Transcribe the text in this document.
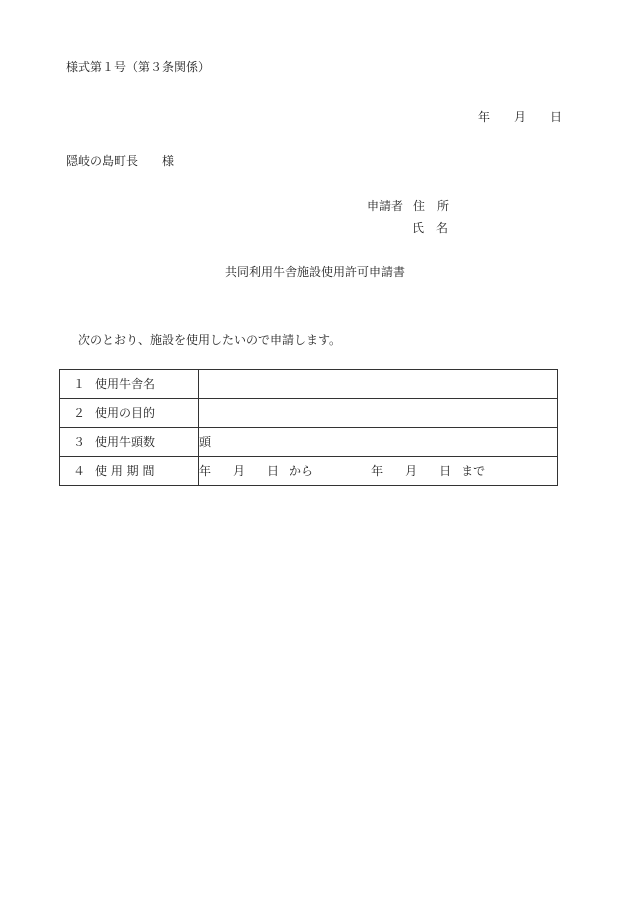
様式第１号（第３条関係）
年 月 日
隠岐の島町長 様
申請者 住　所
氏　名
共同利用牛舎施設使用許可申請書
次のとおり、施設を使用したいので申請します。
１ 使用牛舎名	
２ 使用の目的	
３ 使用牛頭数	頭
４ 使 用 期 間	年 月 日 から 年 月 日 まで
